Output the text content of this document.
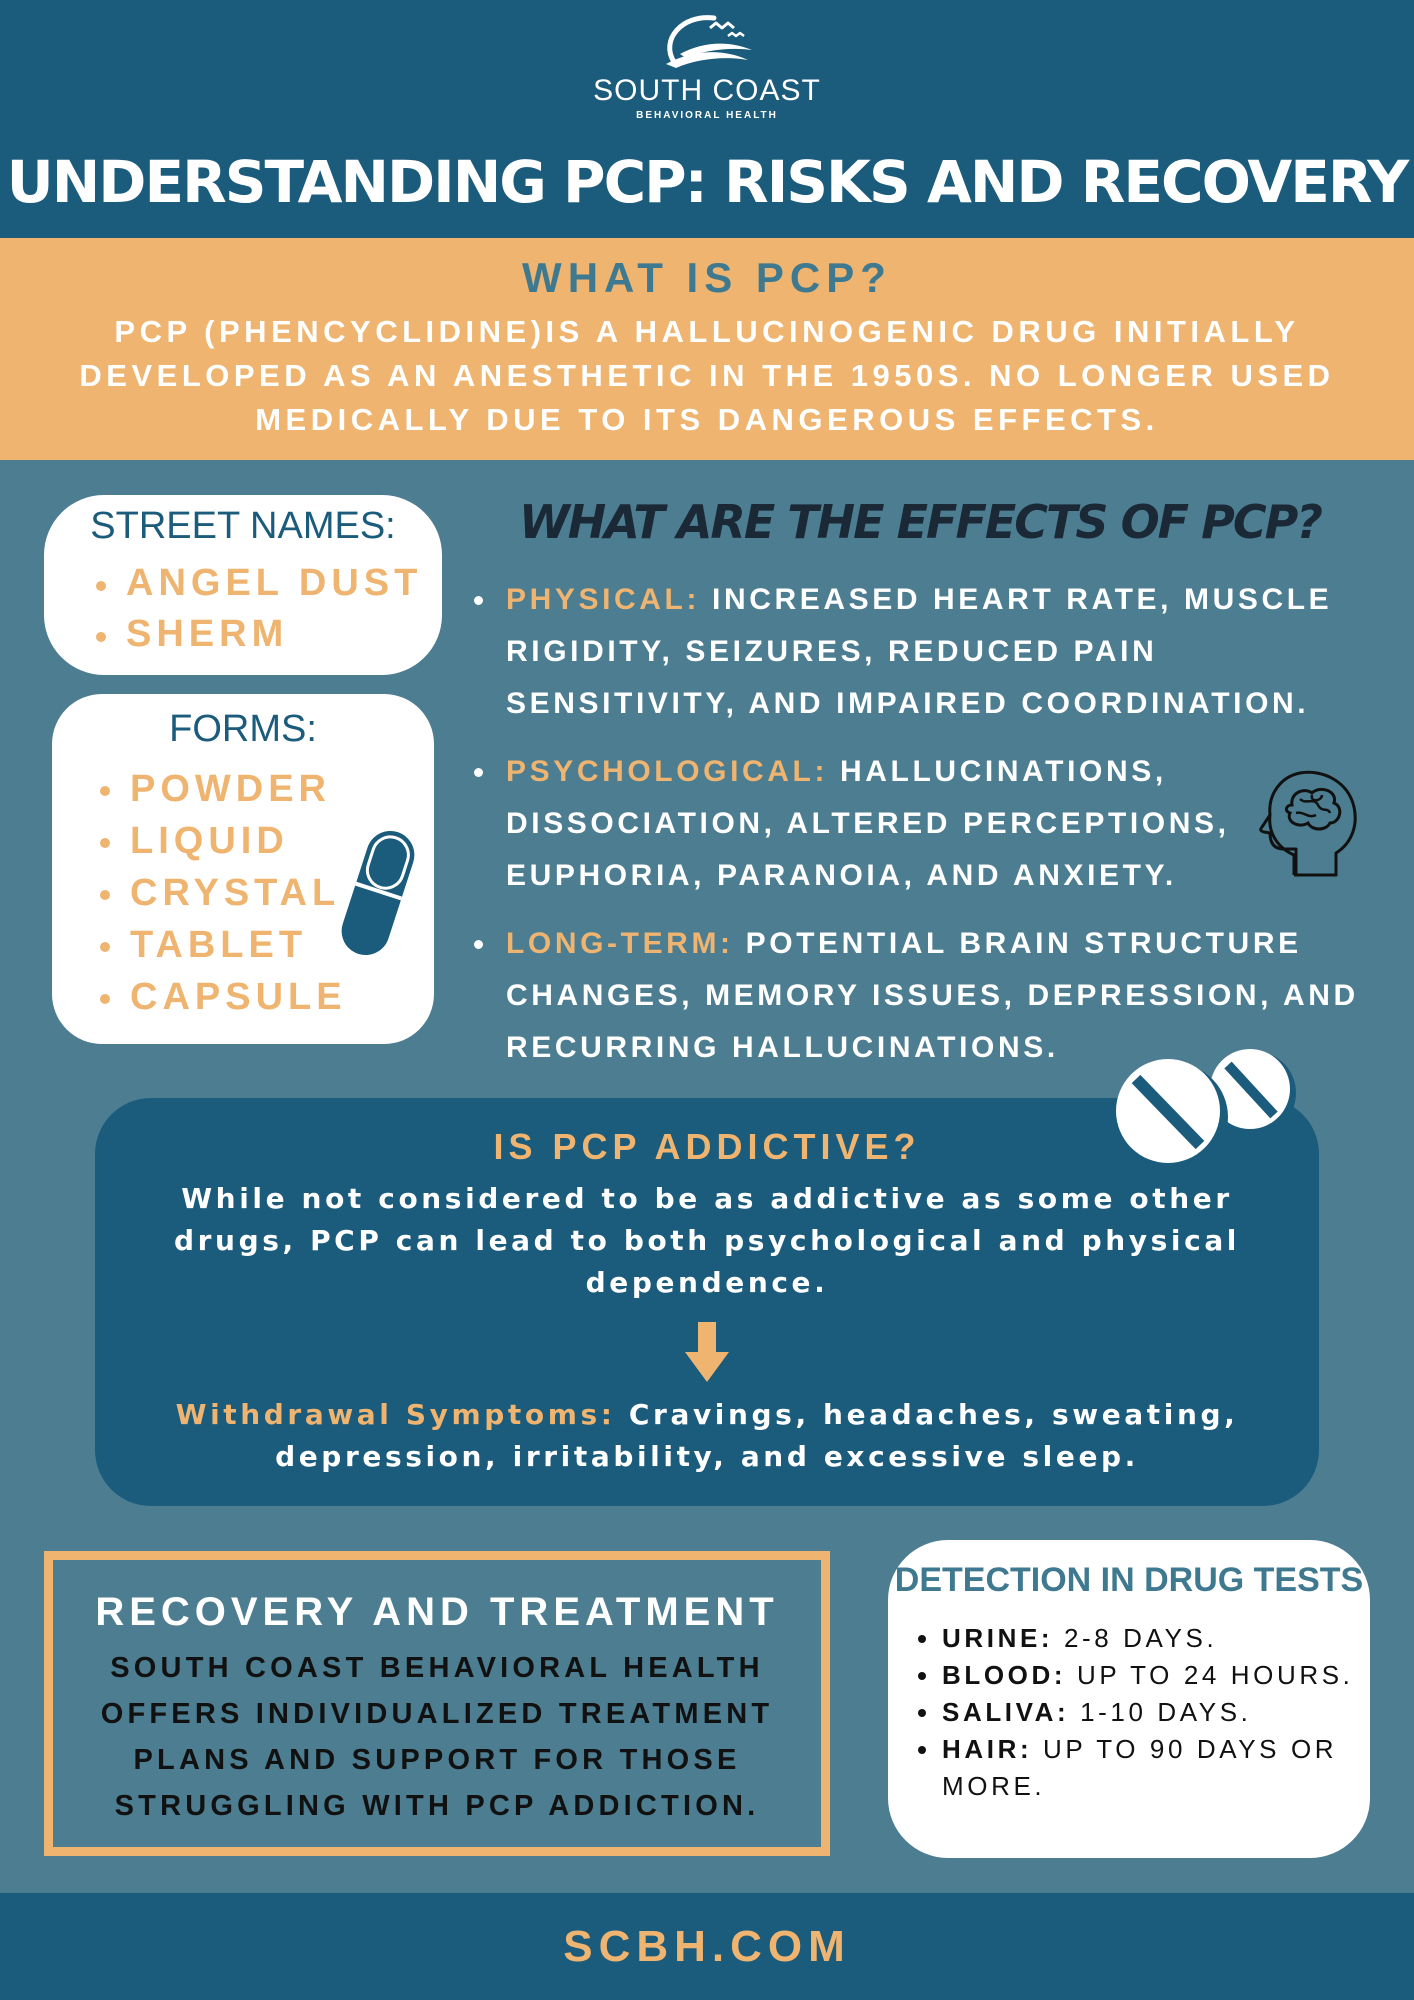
SOUTH COAST
BEHAVIORAL HEALTH
UNDERSTANDING PCP: RISKS AND RECOVERY
WHAT IS PCP?

PCP (PHENCYCLIDINE)IS A HALLUCINOGENIC DRUG INITIALLY DEVELOPED AS AN ANESTHETIC IN THE 1950S. NO LONGER USED MEDICALLY DUE TO ITS DANGEROUS EFFECTS.

STREET NAMES:
ANGEL DUST
SHERM
FORMS:
POWDER
LIQUID
CRYSTAL
TABLET
CAPSULE
WHAT ARE THE EFFECTS OF PCP?
PHYSICAL: INCREASED HEART RATE, MUSCLE RIGIDITY, SEIZURES, REDUCED PAIN SENSITIVITY, AND IMPAIRED COORDINATION.
PSYCHOLOGICAL: HALLUCINATIONS, DISSOCIATION, ALTERED PERCEPTIONS, EUPHORIA, PARANOIA, AND ANXIETY.
LONG-TERM: POTENTIAL BRAIN STRUCTURE CHANGES, MEMORY ISSUES, DEPRESSION, AND RECURRING HALLUCINATIONS.
IS PCP ADDICTIVE?

While not considered to be as addictive as some other drugs, PCP can lead to both psychological and physical dependence.

Withdrawal Symptoms: Cravings, headaches, sweating, depression, irritability, and excessive sleep.

RECOVERY AND TREATMENT

SOUTH COAST BEHAVIORAL HEALTH OFFERS INDIVIDUALIZED TREATMENT PLANS AND SUPPORT FOR THOSE STRUGGLING WITH PCP ADDICTION.

DETECTION IN DRUG TESTS
URINE: 2-8 DAYS.
BLOOD: UP TO 24 HOURS.
SALIVA: 1-10 DAYS.
HAIR: UP TO 90 DAYS OR MORE.
SCBH.COM
